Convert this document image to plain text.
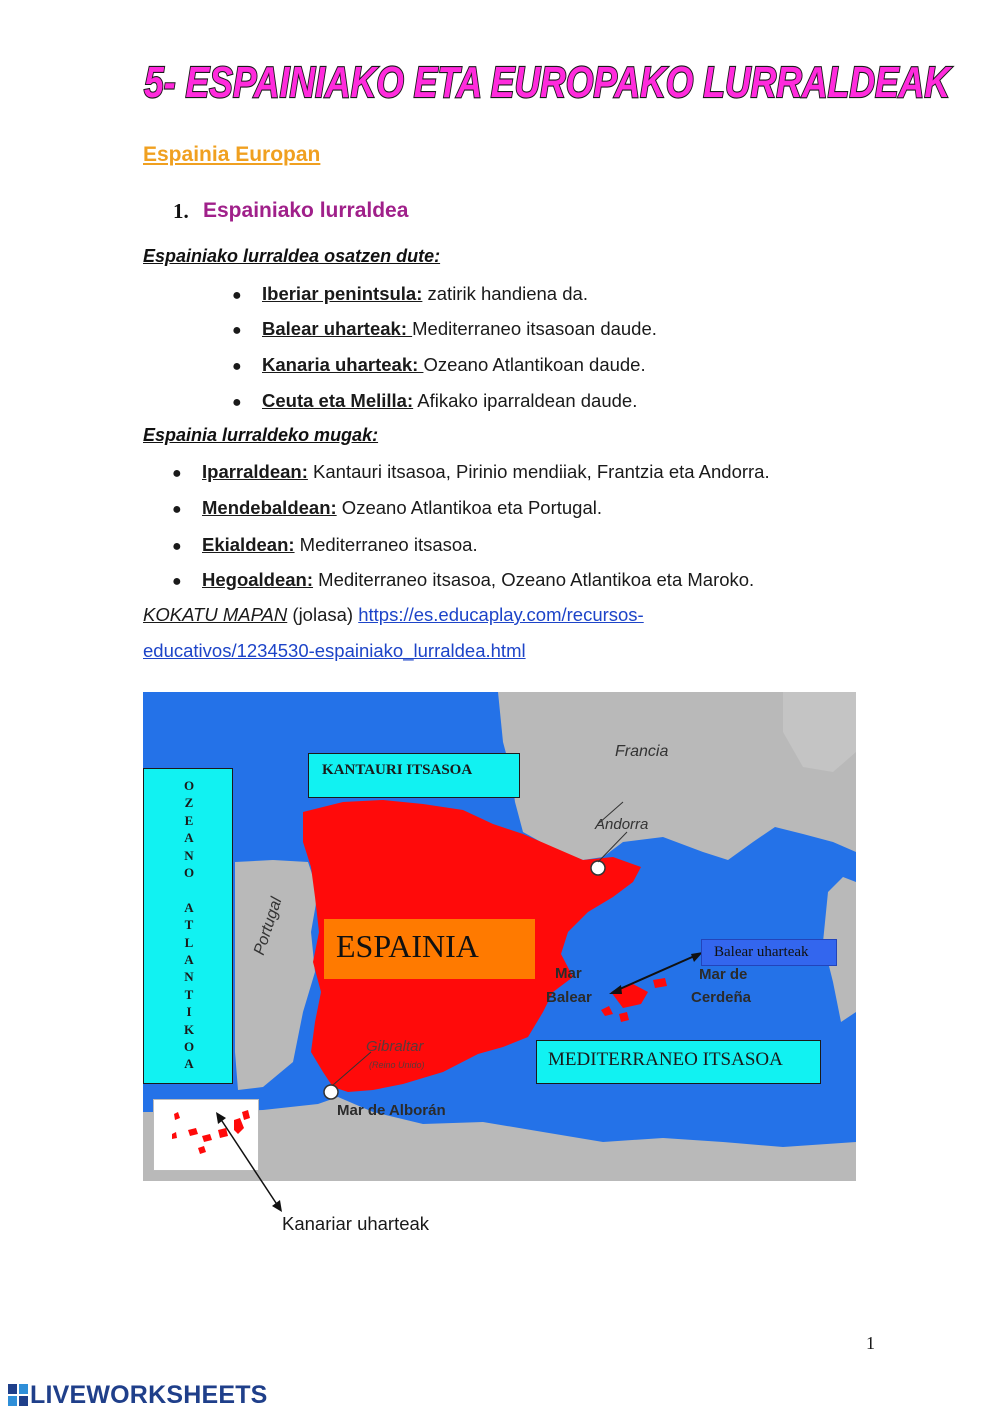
5- ESPAINIAKO ETA EUROPAKO LURRALDEAK
Espainia Europan
1. Espainiako lurraldea
Espainiako lurraldea osatzen dute:
● Iberiar penintsula: zatirik handiena da.
● Balear uharteak: Mediterraneo itsasoan daude.
● Kanaria uharteak: Ozeano Atlantikoan daude.
● Ceuta eta Melilla: Afikako iparraldean daude.
Espainia lurraldeko mugak:
● Iparraldean: Kantauri itsasoa, Pirinio mendiiak, Frantzia eta Andorra.
● Mendebaldean: Ozeano Atlantikoa eta Portugal.
● Ekialdean: Mediterraneo itsasoa.
● Hegoaldean: Mediterraneo itsasoa, Ozeano Atlantikoa eta Maroko.
KOKATU MAPAN (jolasa) https://es.educaplay.com/recursos-
educativos/1234530-espainiako_lurraldea.html
O
Z
E
A
N
O
A
T
L
A
N
T
I
K
O
A
KANTAURI ITSASOA
ESPAINIA	Balear uharteak
MEDITERRANEO ITSASOA
Francia
Andorra
Portugal
Mar
Balear
Mar de
Cerdeña
Gibraltar
(Reino Unido)
Mar de Alborán
Kanariar uharteak
1
LIVEWORKSHEETS
